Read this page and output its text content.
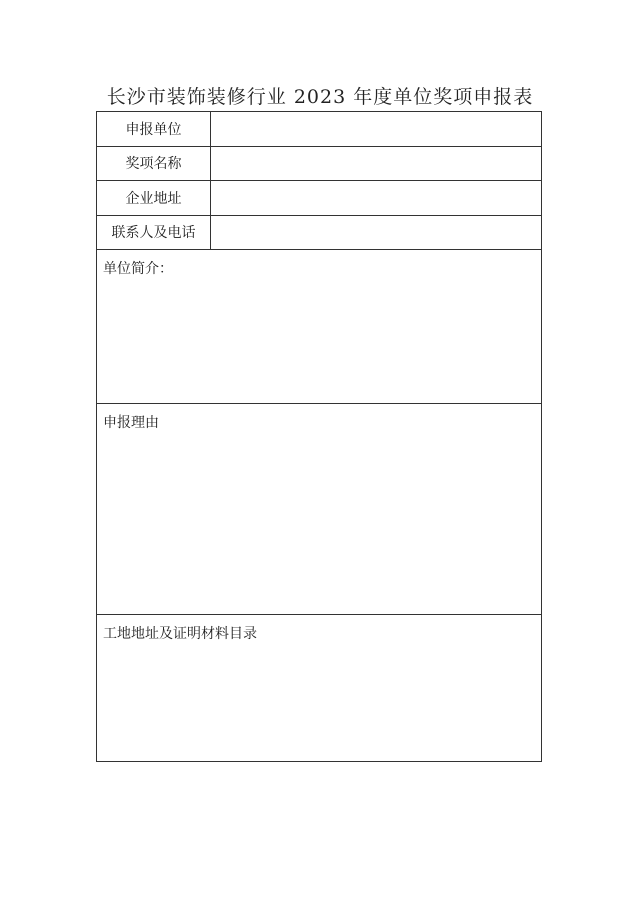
长沙市装饰装修行业 2023 年度单位奖项申报表
申报单位
奖项名称
企业地址
联系人及电话
单位简介：
申报理由
工地地址及证明材料目录
